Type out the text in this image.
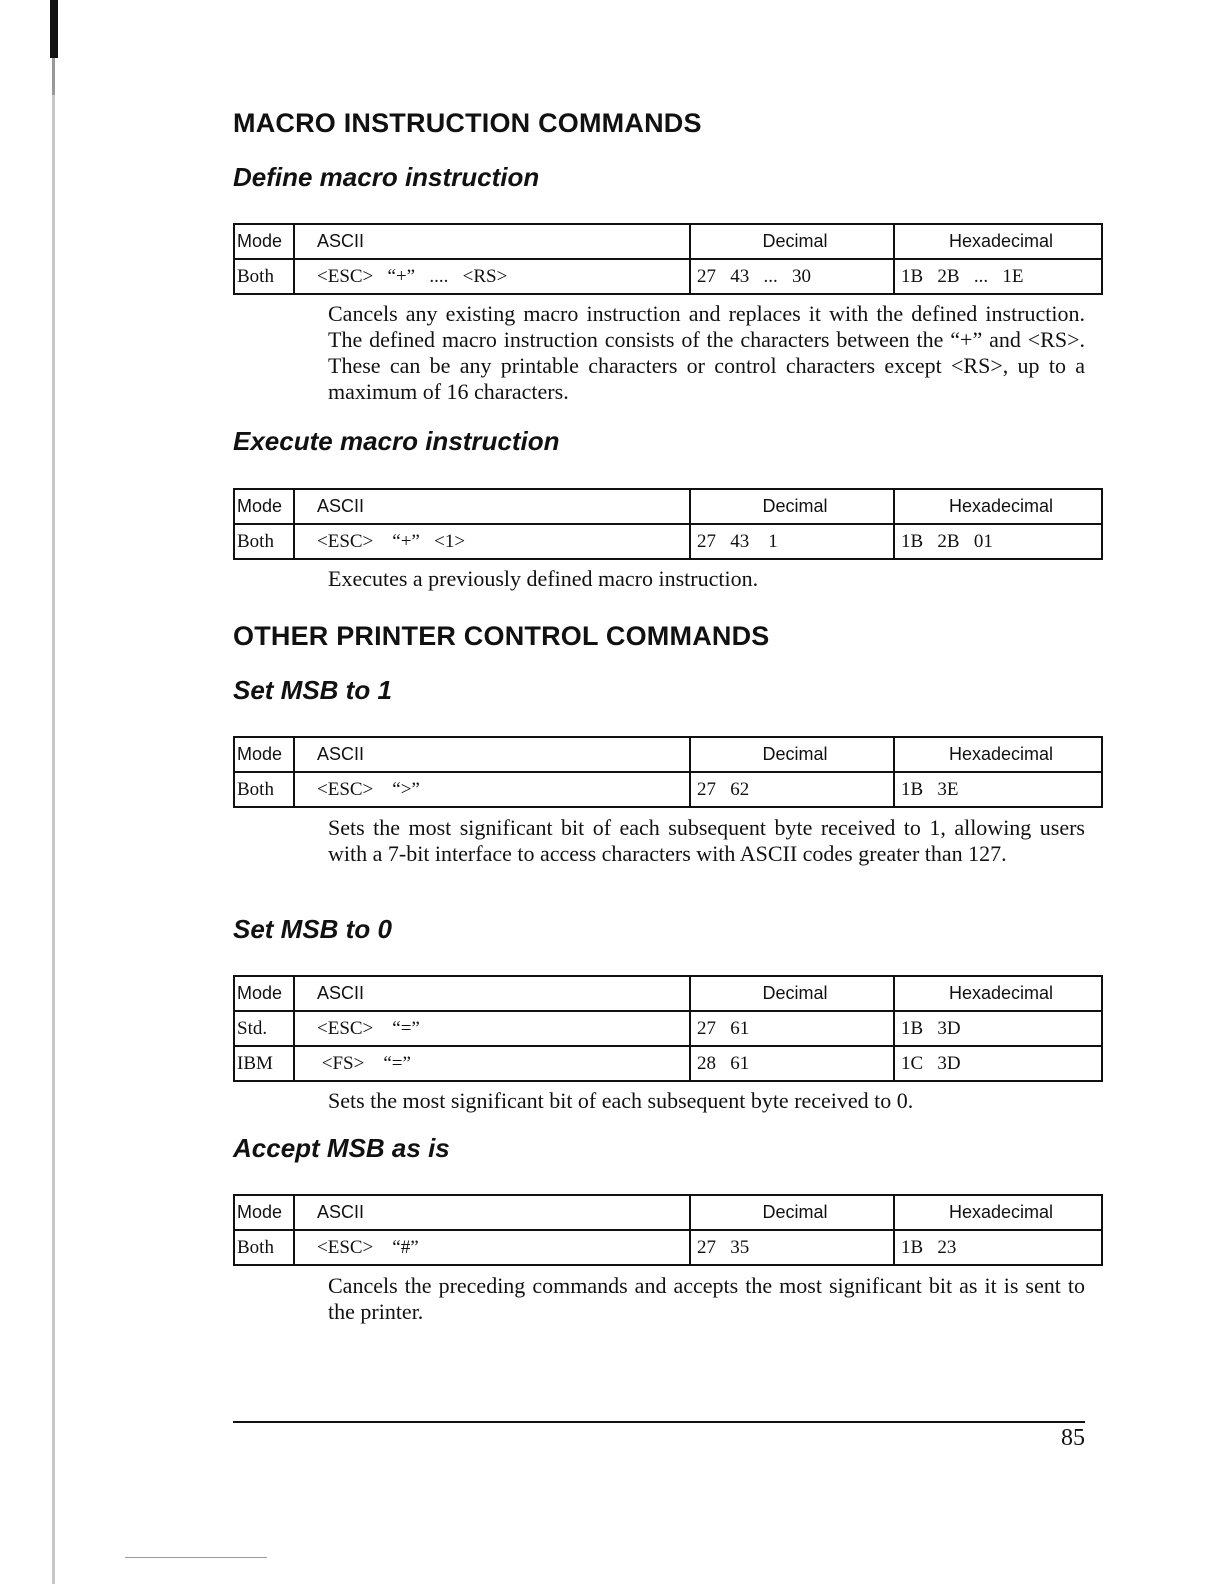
MACRO INSTRUCTION COMMANDS
Define macro instruction
Mode	ASCII	Decimal	Hexadecimal
Both	<ESC>   “+”   ....   <RS>	27   43   ...   30	1B   2B   ...   1E
Cancels any existing macro instruction and replaces it with the defined instruction. The defined macro instruction consists of the characters between the “+” and <RS>. These can be any printable characters or control characters except <RS>, up to a maximum of 16 characters.
Execute macro instruction
Mode	ASCII	Decimal	Hexadecimal
Both	<ESC>    “+”   <1>	27   43    1	1B   2B   01
Executes a previously defined macro instruction.
OTHER PRINTER CONTROL COMMANDS
Set MSB to 1
Mode	ASCII	Decimal	Hexadecimal
Both	<ESC>    “>”	27   62	1B   3E
Sets the most significant bit of each subsequent byte received to 1, allowing users with a 7-bit interface to access characters with ASCII codes greater than 127.
Set MSB to 0
Mode	ASCII	Decimal	Hexadecimal
Std.	<ESC>    “=”	27   61	1B   3D
IBM	<FS>    “=”	28   61	1C   3D
Sets the most significant bit of each subsequent byte received to 0.
Accept MSB as is
Mode	ASCII	Decimal	Hexadecimal
Both	<ESC>    “#”	27   35	1B   23
Cancels the preceding commands and accepts the most significant bit as it is sent to the printer.
85
